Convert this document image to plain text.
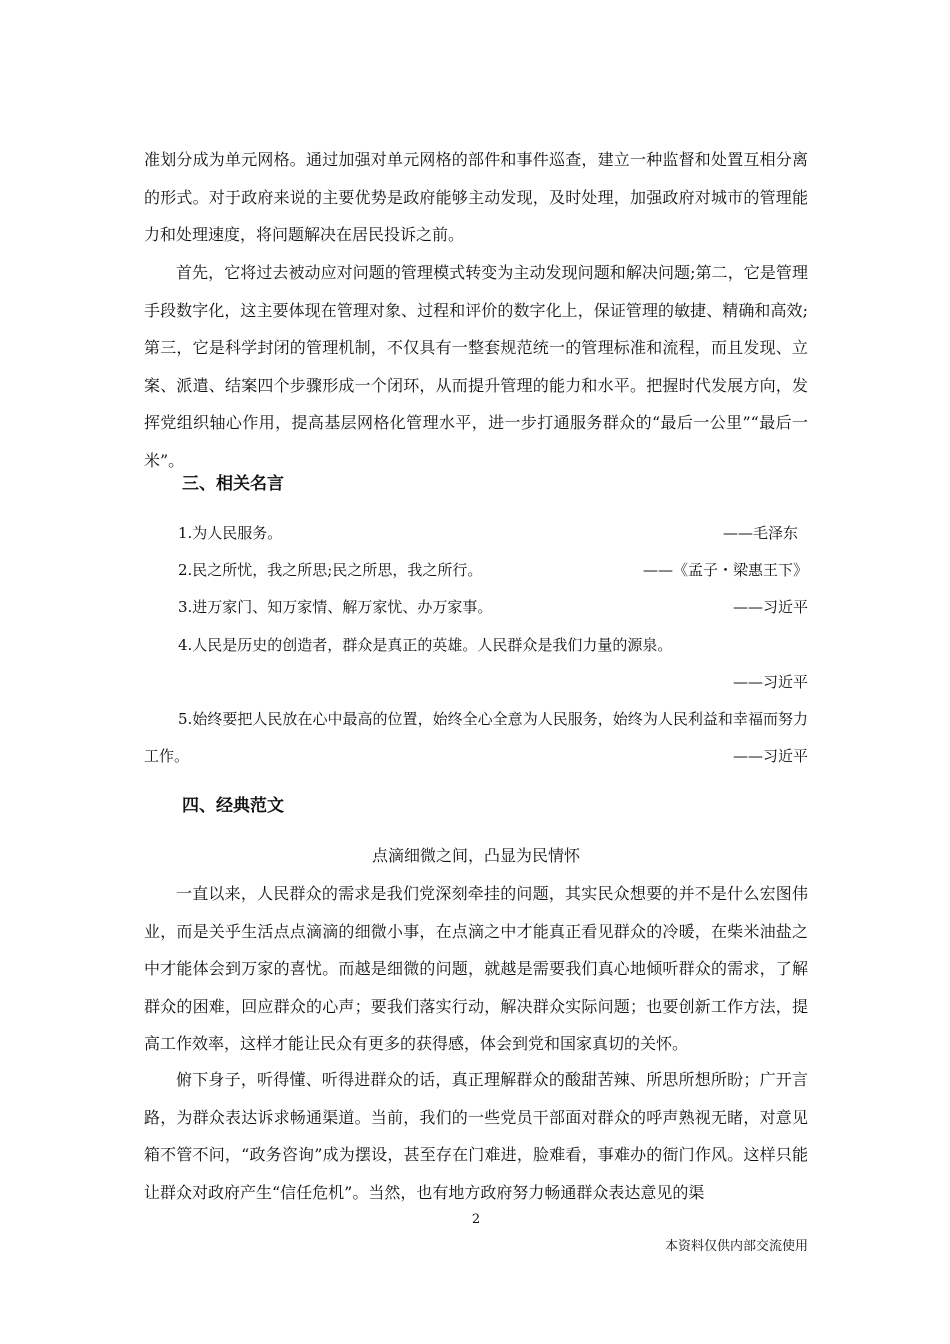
准划分成为单元网格。通过加强对单元网格的部件和事件巡查，建立一种监督和处置互相分离的形式。对于政府来说的主要优势是政府能够主动发现，及时处理，加强政府对城市的管理能力和处理速度，将问题解决在居民投诉之前。

首先，它将过去被动应对问题的管理模式转变为主动发现问题和解决问题;第二，它是管理手段数字化，这主要体现在管理对象、过程和评价的数字化上，保证管理的敏捷、精确和高效;第三，它是科学封闭的管理机制，不仅具有一整套规范统一的管理标准和流程，而且发现、立案、派遣、结案四个步骤形成一个闭环，从而提升管理的能力和水平。把握时代发展方向，发挥党组织轴心作用，提高基层网格化管理水平，进一步打通服务群众的“最后一公里”“最后一米”。

三、相关名言
1.为人民服务。	——毛泽东
2.民之所忧，我之所思;民之所思，我之所行。	——《孟子・梁惠王下》
3.进万家门、知万家情、解万家忧、办万家事。	——习近平
4.人民是历史的创造者，群众是真正的英雄。人民群众是我们力量的源泉。
——习近平

5.始终要把人民放在心中最高的位置，始终全心全意为人民服务，始终为人民利益和幸福而努力工作。	——习近平
四、经典范文

点滴细微之间，凸显为民情怀

一直以来，人民群众的需求是我们党深刻牵挂的问题，其实民众想要的并不是什么宏图伟业，而是关乎生活点点滴滴的细微小事，在点滴之中才能真正看见群众的冷暖，在柴米油盐之中才能体会到万家的喜忧。而越是细微的问题，就越是需要我们真心地倾听群众的需求，了解群众的困难，回应群众的心声；要我们落实行动，解决群众实际问题；也要创新工作方法，提高工作效率，这样才能让民众有更多的获得感，体会到党和国家真切的关怀。

俯下身子，听得懂、听得进群众的话，真正理解群众的酸甜苦辣、所思所想所盼；广开言路，为群众表达诉求畅通渠道。当前，我们的一些党员干部面对群众的呼声熟视无睹，对意见箱不管不问，“政务咨询”成为摆设，甚至存在门难进，脸难看，事难办的衙门作风。这样只能让群众对政府产生“信任危机”。当然，也有地方政府努力畅通群众表达意见的渠

2
本资料仅供内部交流使用
